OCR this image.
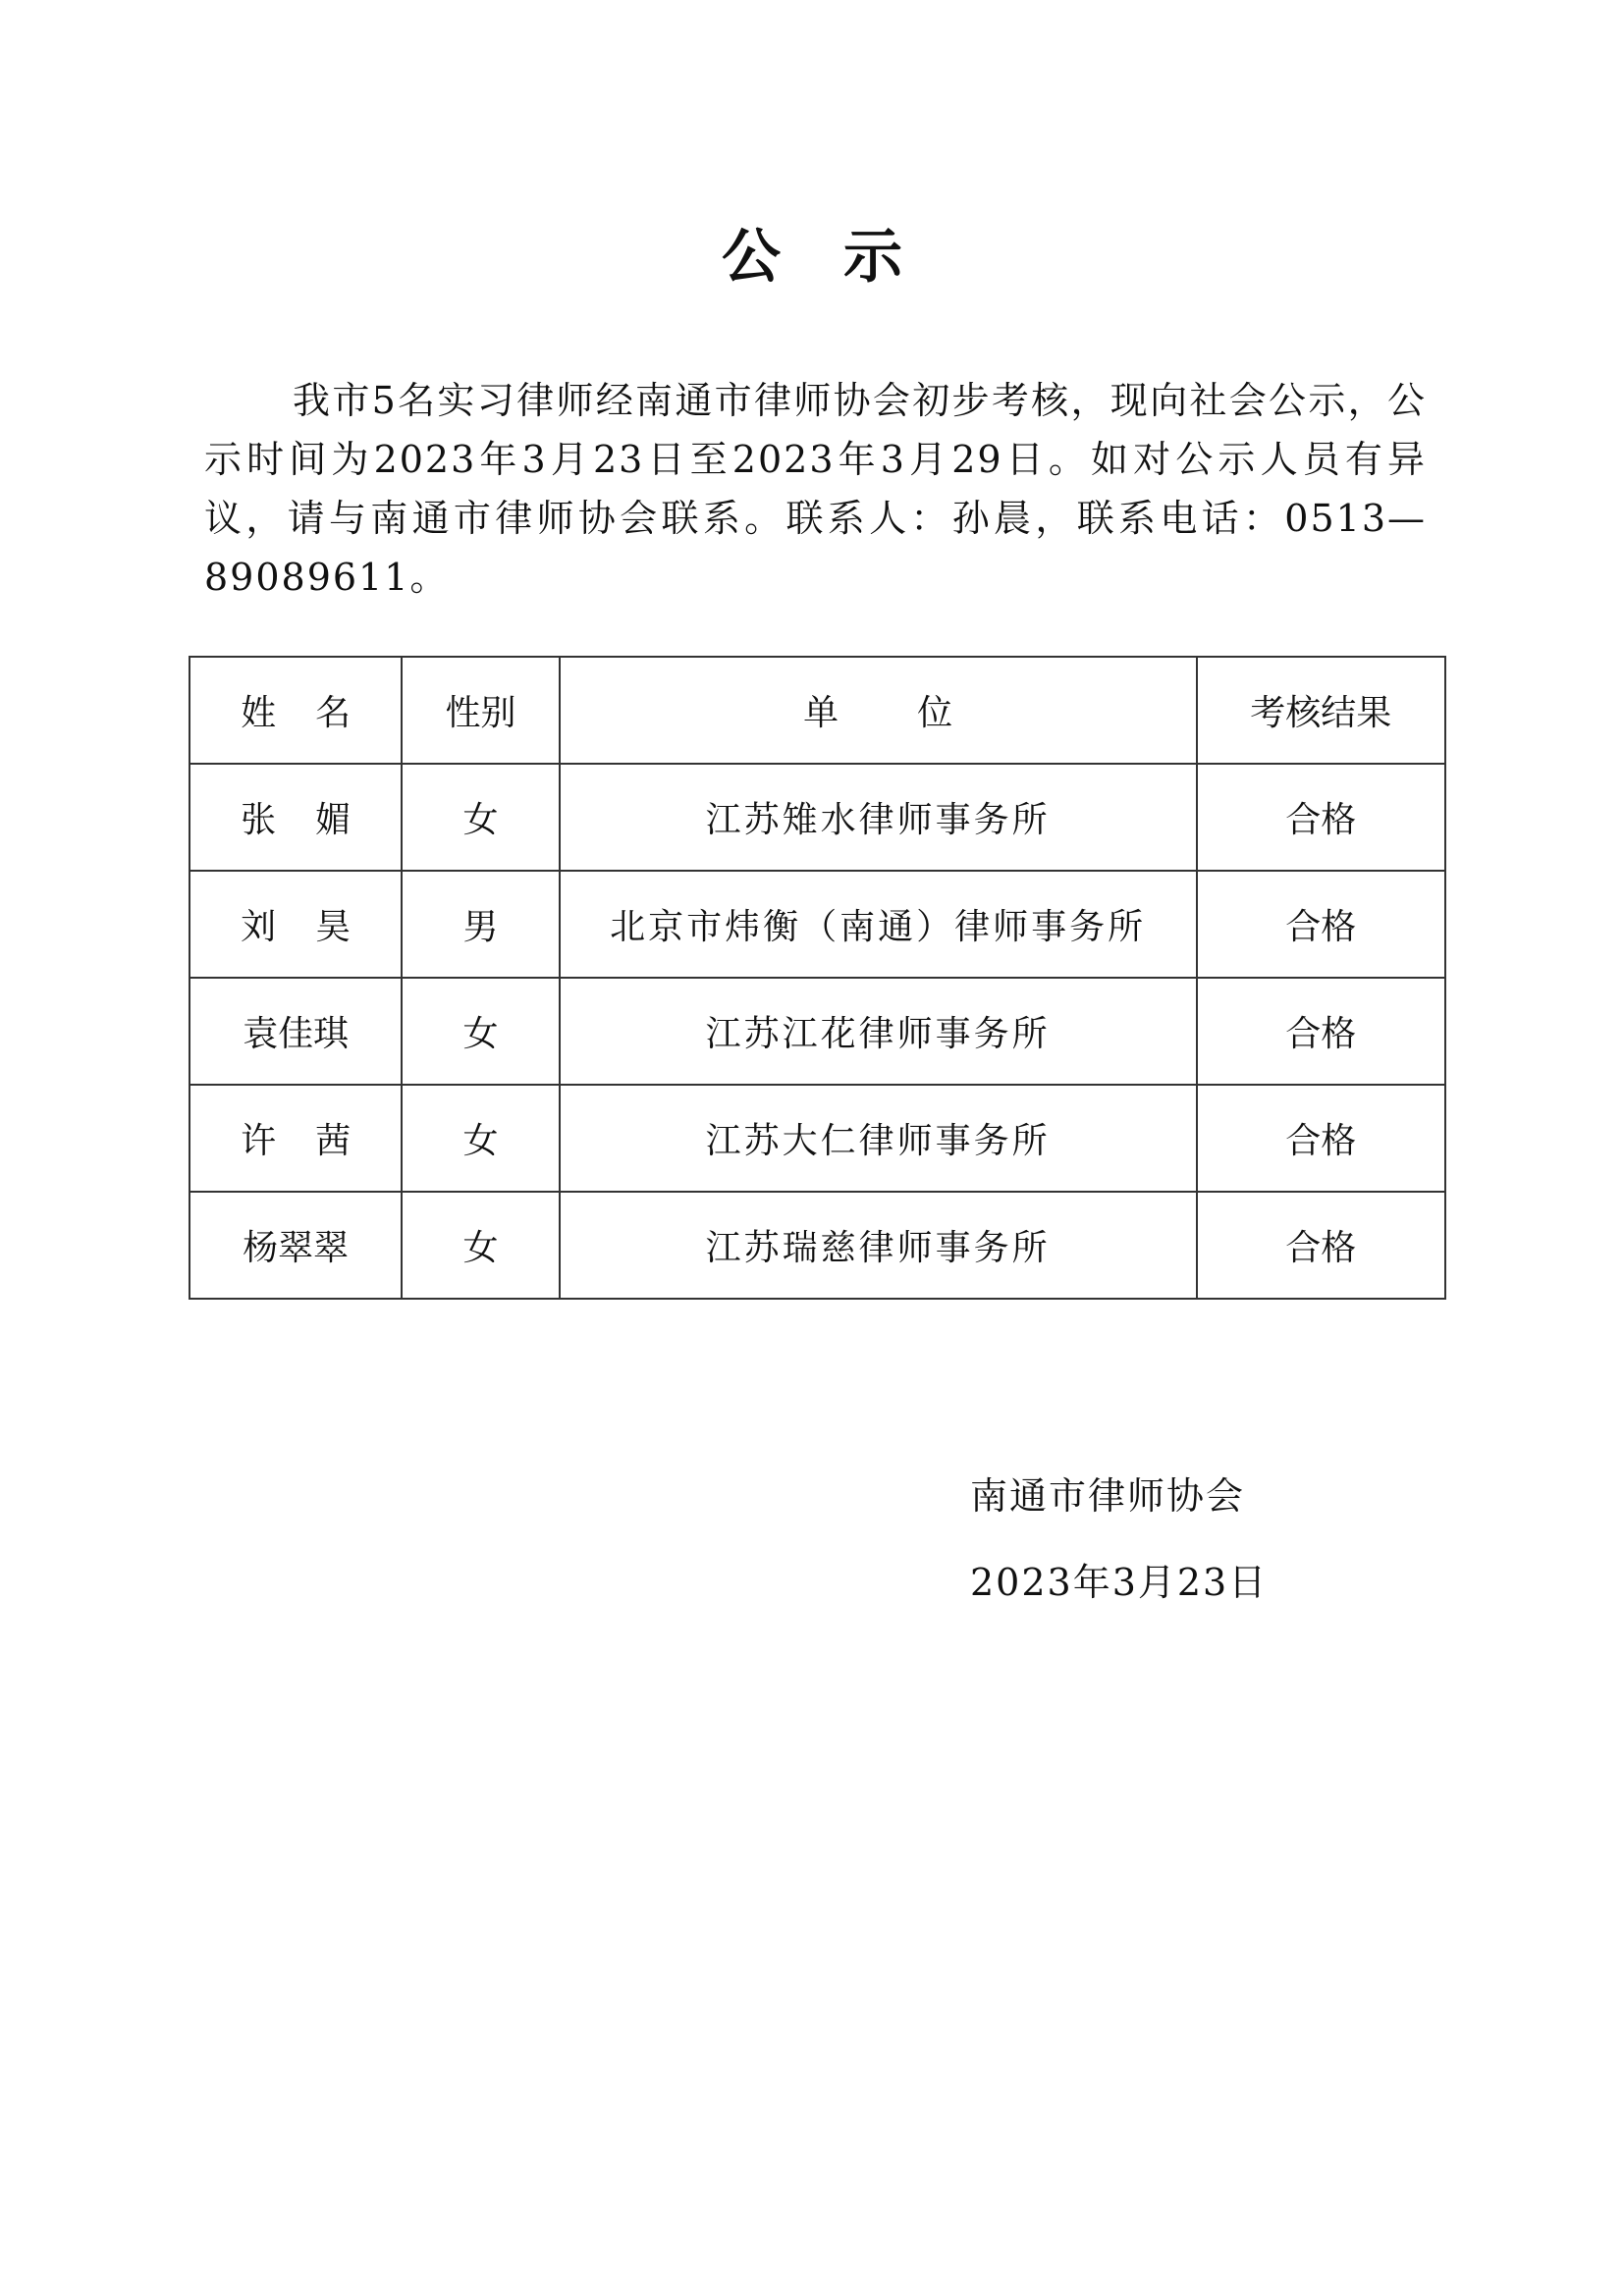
公示
我市5名实习律师经南通市律师协会初步考核，现向社会公示，公示时间为2023年3月23日至2023年3月29日。如对公示人员有异议，请与南通市律师协会联系。联系人：孙晨，联系电话：0513—89089611。
姓名	性别	单位	考核结果
张媚	女	江苏雉水律师事务所	合格
刘昊	男	北京市炜衡（南通）律师事务所	合格
袁佳琪	女	江苏江花律师事务所	合格
许茜	女	江苏大仁律师事务所	合格
杨翠翠	女	江苏瑞慈律师事务所	合格
南通市律师协会
2023年3月23日
